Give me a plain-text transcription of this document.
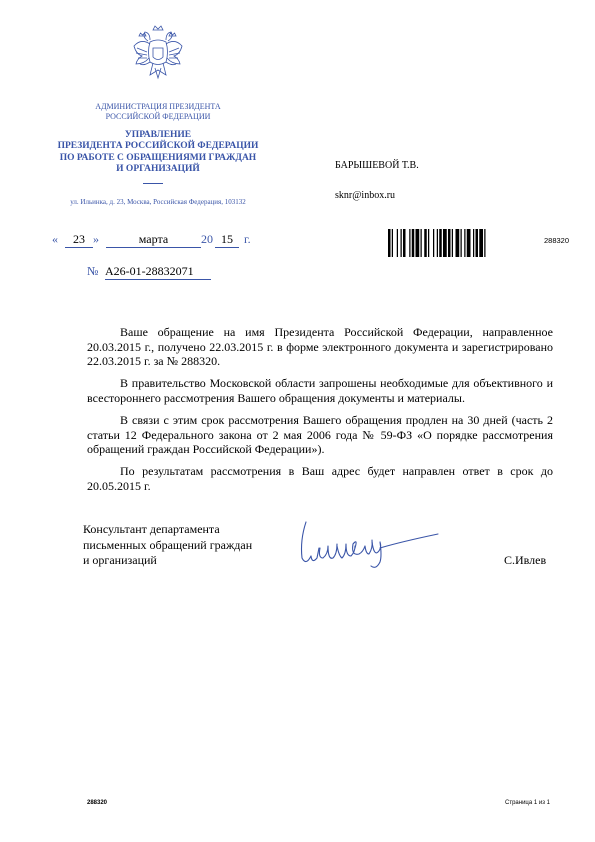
АДМИНИСТРАЦИЯ ПРЕЗИДЕНТА
РОССИЙСКОЙ ФЕДЕРАЦИИ
УПРАВЛЕНИЕ
ПРЕЗИДЕНТА РОССИЙСКОЙ ФЕДЕРАЦИИ
ПО РАБОТЕ С ОБРАЩЕНИЯМИ ГРАЖДАН
И ОРГАНИЗАЦИЙ
ул. Ильинка, д. 23, Москва, Российская Федерация, 103132
БАРЫШЕВОЙ Т.В.
sknr@inbox.ru
«	23 »	марта	20 15 г.
№ А26-01-28832071
288320

Ваше обращение на имя Президента Российской Федерации, направленное 20.03.2015 г., получено 22.03.2015 г. в форме электронного документа и зарегистрировано 22.03.2015 г. за № 288320.

В правительство Московской области запрошены необходимые для объективного и всестороннего рассмотрения Вашего обращения документы и материалы.

В связи с этим срок рассмотрения Вашего обращения продлен на 30 дней (часть 2 статьи 12 Федерального закона от 2 мая 2006 года № 59-ФЗ «О порядке рассмотрения обращений граждан Российской Федерации»).

По результатам рассмотрения в Ваш адрес будет направлен ответ в срок до 20.05.2015 г.

Консультант департамента
письменных обращений граждан
и организаций	С.Ивлев
288320	Страница 1 из 1
